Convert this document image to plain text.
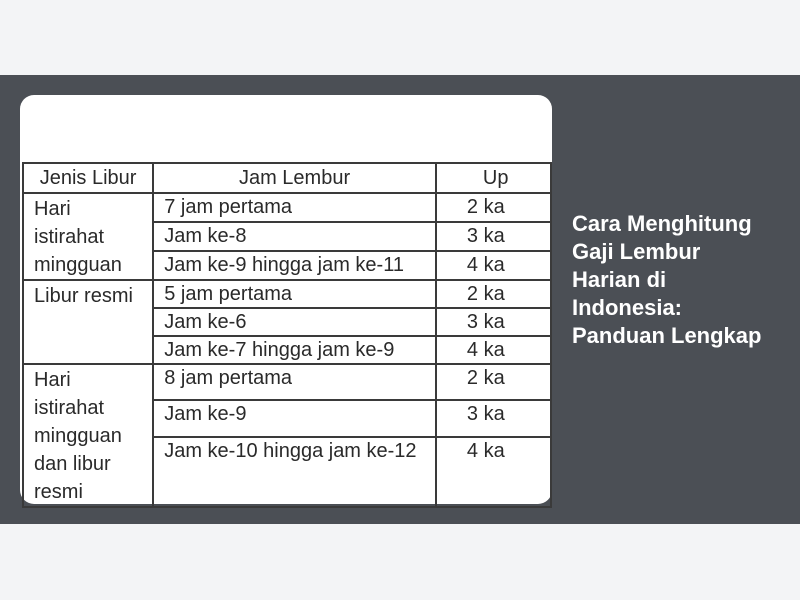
Jenis Libur	Jam Lembur	Up
Hari istirahat mingguan	7 jam pertama	2 ka
	Jam ke-8	3 ka
	Jam ke-9 hingga jam ke-11	4 ka
Libur resmi	5 jam pertama	2 ka
	Jam ke-6	3 ka
	Jam ke-7 hingga jam ke-9	4 ka
Hari istirahat mingguan dan libur resmi	8 jam pertama	2 ka
	Jam ke-9	3 ka
	Jam ke-10 hingga jam ke-12	4 ka
Cara Menghitung Gaji Lembur Harian di Indonesia: Panduan Lengkap
